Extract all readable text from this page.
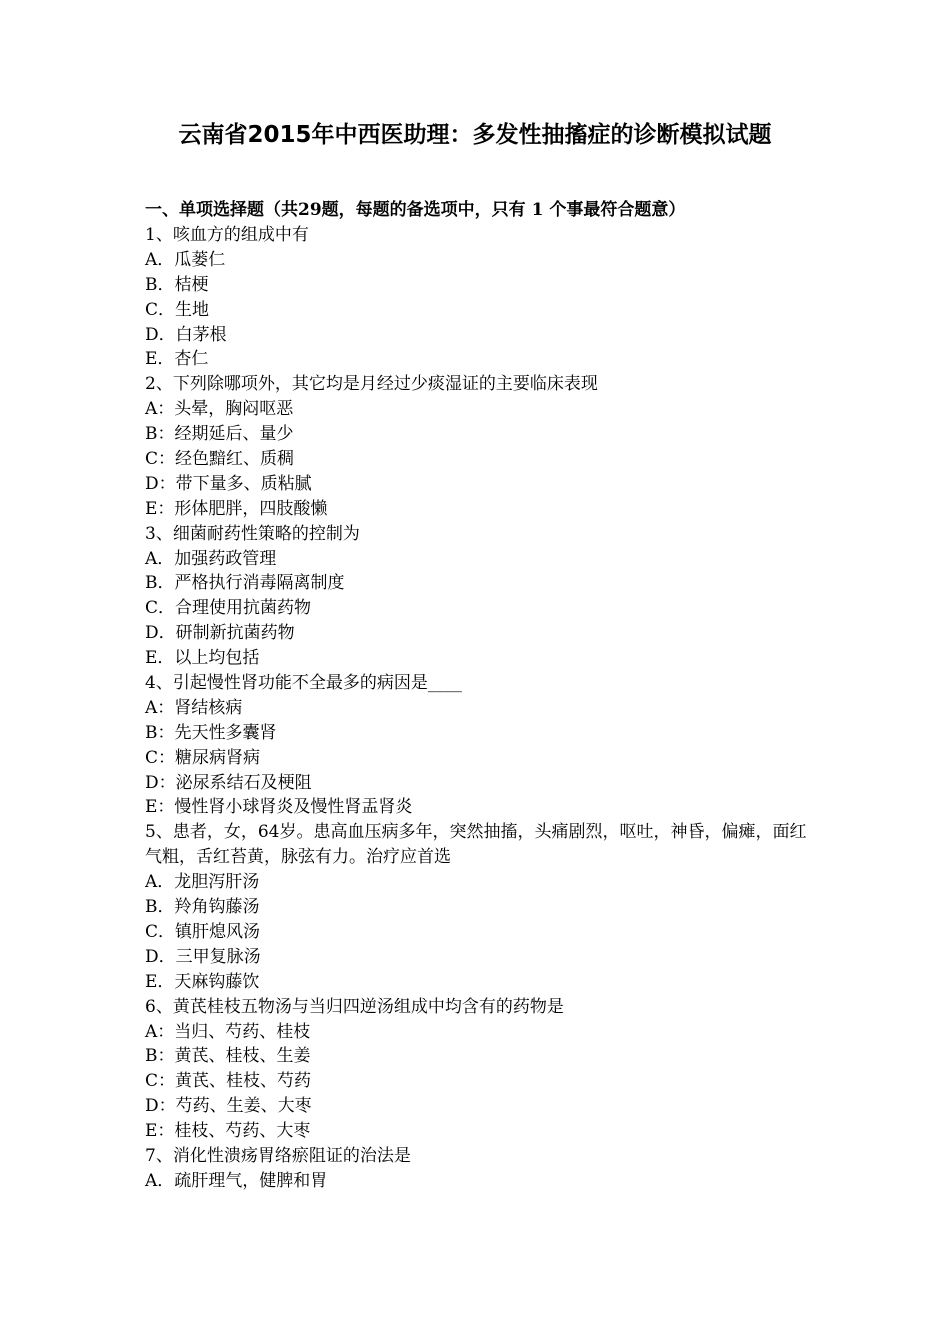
云南省2015年中西医助理：多发性抽搐症的诊断模拟试题
一、单项选择题（共29题，每题的备选项中，只有 1 个事最符合题意）
1、咳血方的组成中有
A．瓜蒌仁
B．桔梗
C．生地
D．白茅根
E．杏仁
2、下列除哪项外，其它均是月经过少痰湿证的主要临床表现
A：头晕，胸闷呕恶
B：经期延后、量少
C：经色黯红、质稠
D：带下量多、质粘腻
E：形体肥胖，四肢酸懒
3、细菌耐药性策略的控制为
A．加强药政管理
B．严格执行消毒隔离制度
C．合理使用抗菌药物
D．研制新抗菌药物
E．以上均包括
4、引起慢性肾功能不全最多的病因是____
A：肾结核病
B：先天性多囊肾
C：糖尿病肾病
D：泌尿系结石及梗阻
E：慢性肾小球肾炎及慢性肾盂肾炎
5、患者，女，64岁。患高血压病多年，突然抽搐，头痛剧烈，呕吐，神昏，偏瘫，面红气粗，舌红苔黄，脉弦有力。治疗应首选
A．龙胆泻肝汤
B．羚角钩藤汤
C．镇肝熄风汤
D．三甲复脉汤
E．天麻钩藤饮
6、黄芪桂枝五物汤与当归四逆汤组成中均含有的药物是
A：当归、芍药、桂枝
B：黄芪、桂枝、生姜
C：黄芪、桂枝、芍药
D：芍药、生姜、大枣
E：桂枝、芍药、大枣
7、消化性溃疡胃络瘀阻证的治法是
A．疏肝理气，健脾和胃
